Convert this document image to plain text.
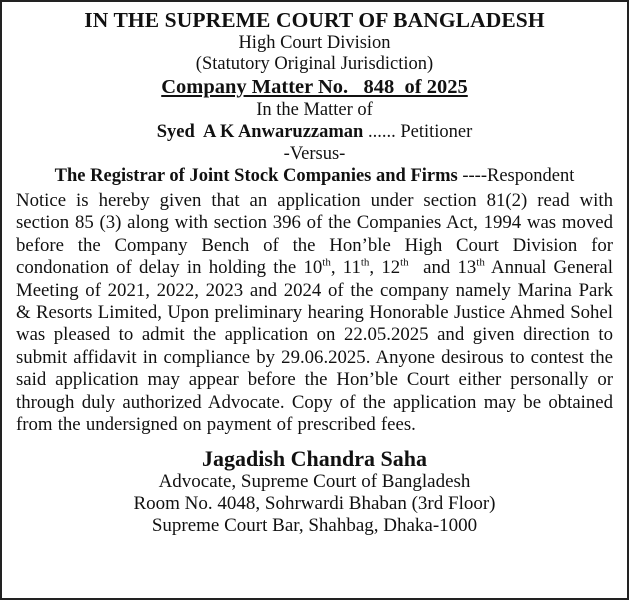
IN THE SUPREME COURT OF BANGLADESH
High Court Division
(Statutory Original Jurisdiction)
Company Matter No.   848  of 2025
In the Matter of
Syed  A K Anwaruzzaman ...... Petitioner
-Versus-
The Registrar of Joint Stock Companies and Firms ----Respondent
Notice is hereby given that an application under section 81(2) read with section 85 (3) along with section 396 of the Companies Act, 1994 was moved before the Company Bench of the Hon’ble High Court Division for condonation of delay in holding the 10th, 11th, 12th  and 13th Annual General Meeting of 2021, 2022, 2023 and 2024 of the company namely Marina Park & Resorts Limited, Upon preliminary hearing Honorable Justice Ahmed Sohel was pleased to admit the application on 22.05.2025 and given direction to submit affidavit in compliance by 29.06.2025. Anyone desirous to contest the said application may appear before the Hon’ble Court either personally or through duly authorized Advocate. Copy of the application may be obtained from the undersigned on payment of prescribed fees.
Jagadish Chandra Saha
Advocate, Supreme Court of Bangladesh
Room No. 4048, Sohrwardi Bhaban (3rd Floor)
Supreme Court Bar, Shahbag, Dhaka-1000
